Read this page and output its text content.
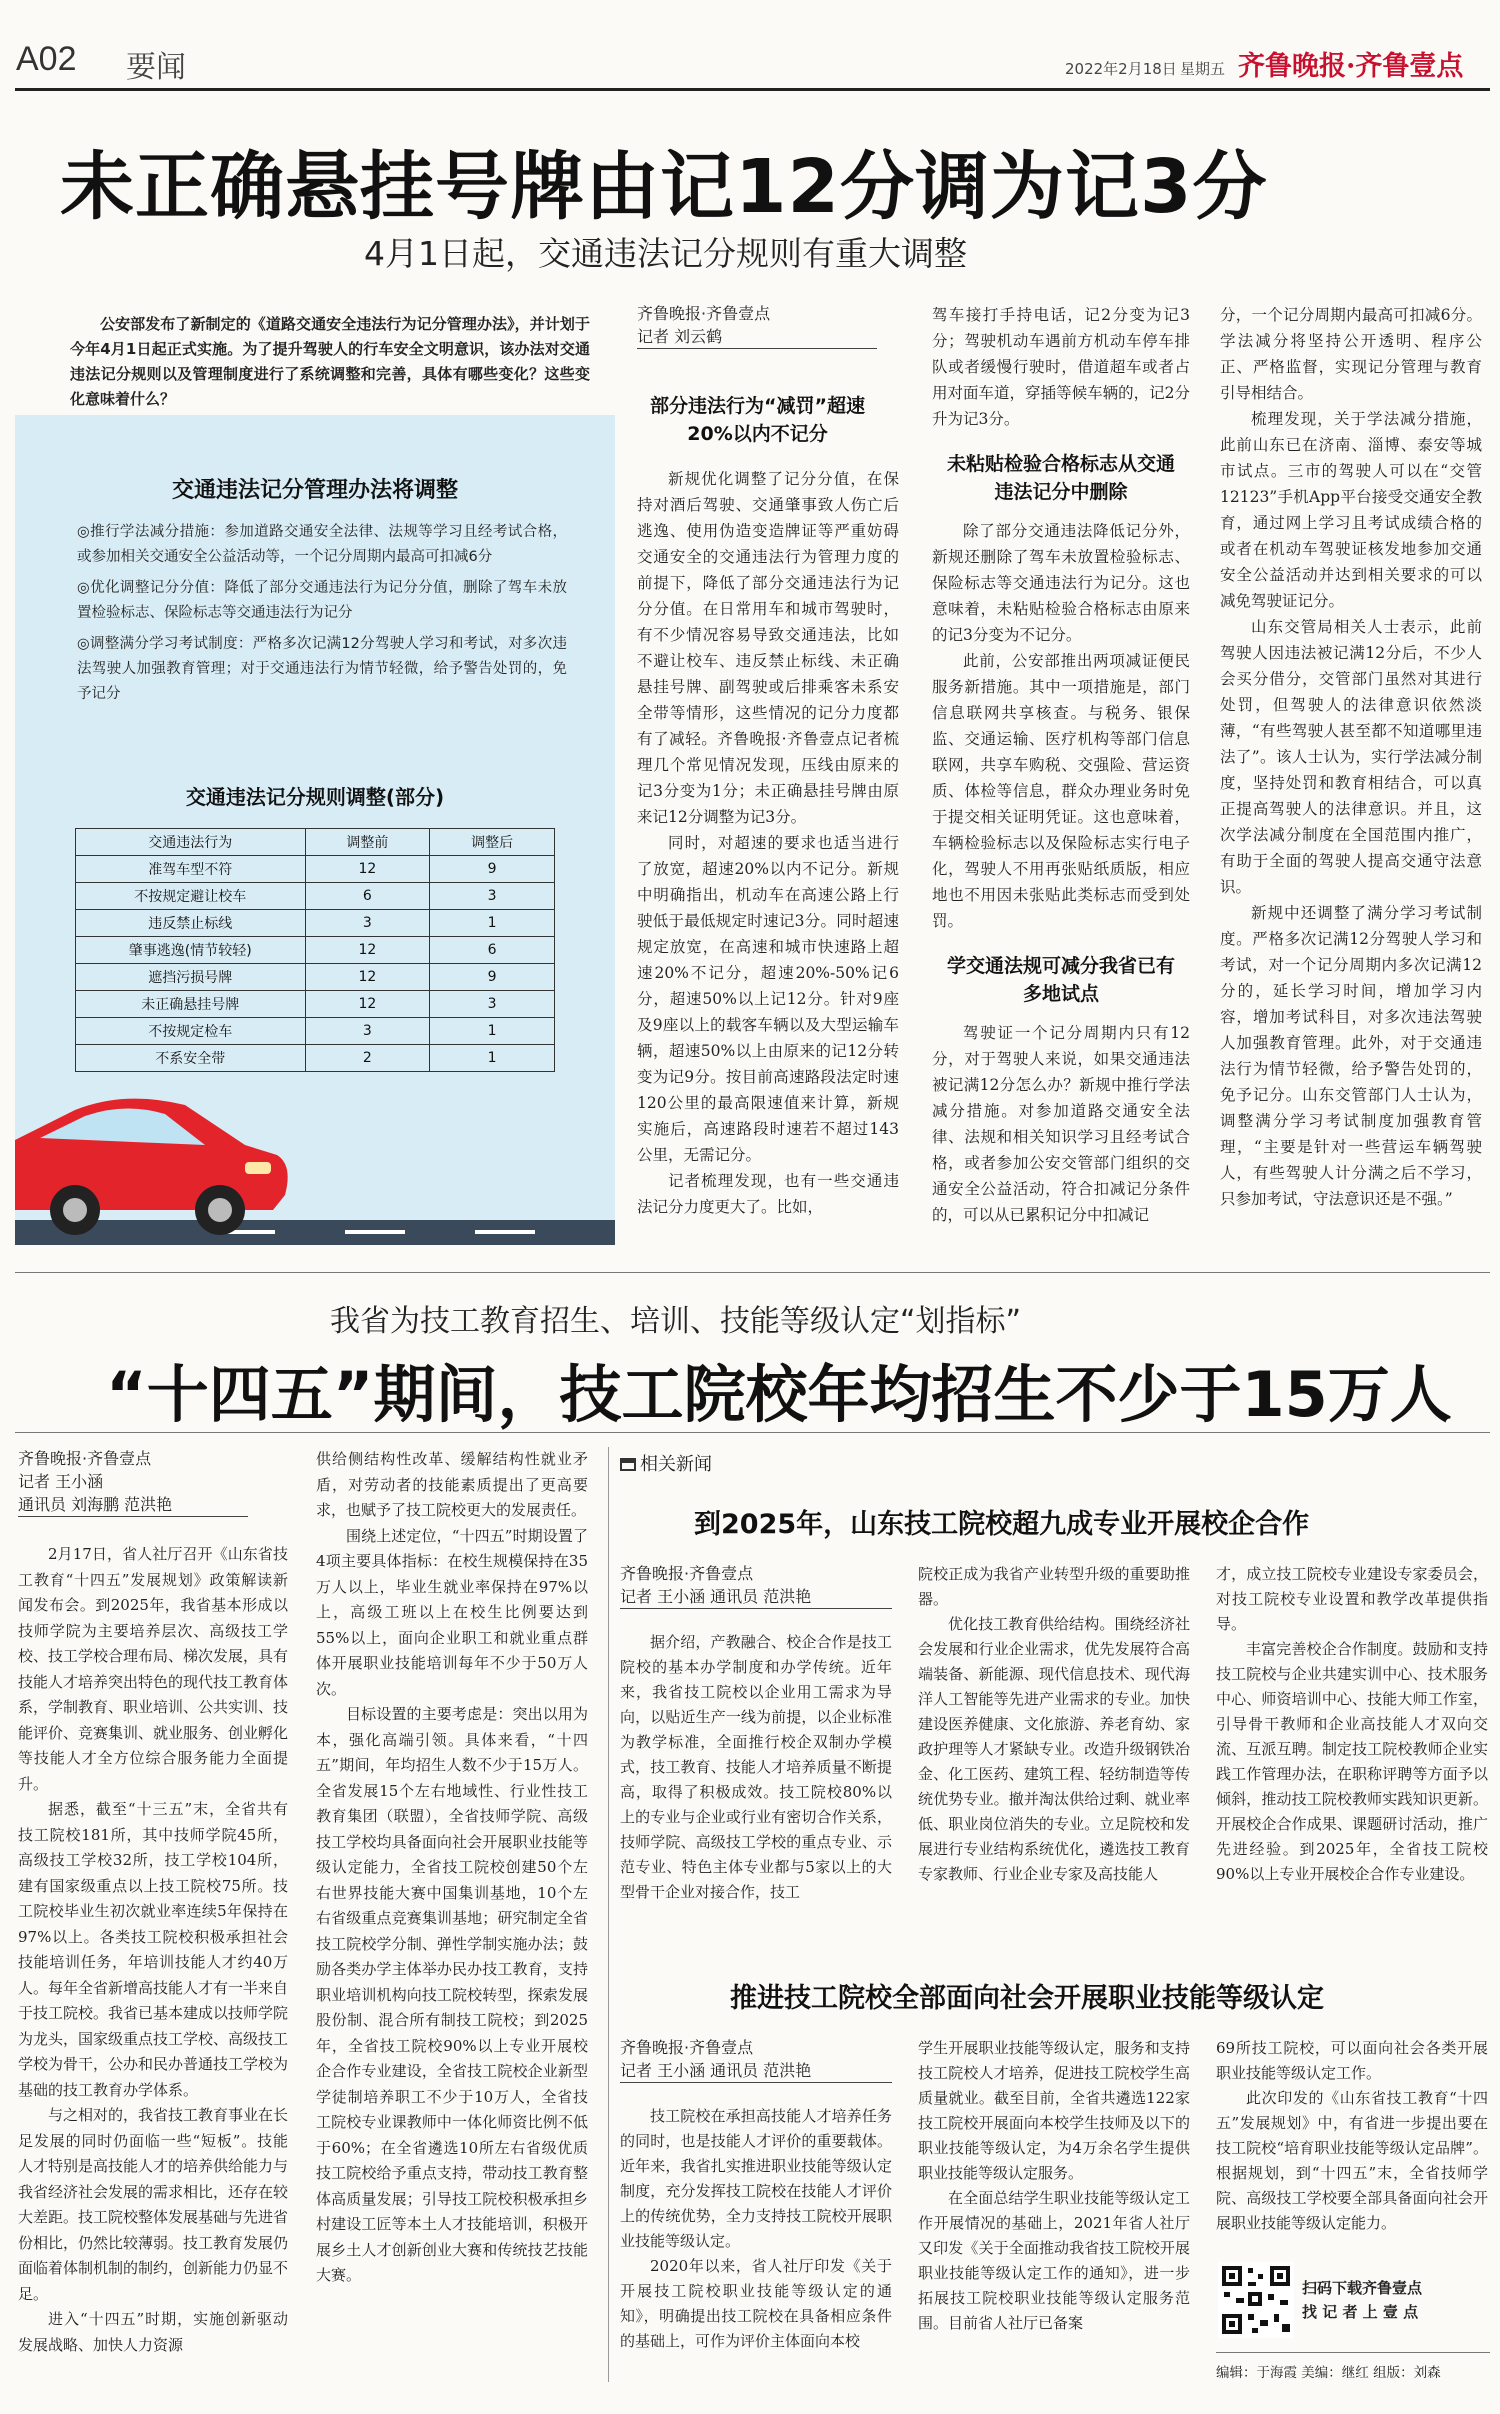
A02 要闻	2022年2月18日 星期五 齐鲁晚报·齐鲁壹点
未正确悬挂号牌由记12分调为记3分
4月1日起，交通违法记分规则有重大调整

公安部发布了新制定的《道路交通安全违法行为记分管理办法》，并计划于今年4月1日起正式实施。为了提升驾驶人的行车安全文明意识，该办法对交通违法记分规则以及管理制度进行了系统调整和完善，具体有哪些变化？这些变化意味着什么？

交通违法记分管理办法将调整
◎推行学法减分措施：参加道路交通安全法律、法规等学习且经考试合格，或参加相关交通安全公益活动等，一个记分周期内最高可扣减6分
◎优化调整记分分值：降低了部分交通违法行为记分分值，删除了驾车未放置检验标志、保险标志等交通违法行为记分
◎调整满分学习考试制度：严格多次记满12分驾驶人学习和考试，对多次违法驾驶人加强教育管理；对于交通违法行为情节轻微，给予警告处罚的，免予记分
交通违法记分规则调整(部分)
交通违法行为	调整前	调整后
准驾车型不符	12	9
不按规定避让校车	6	3
违反禁止标线	3	1
肇事逃逸(情节较轻)	12	6
遮挡污损号牌	12	9
未正确悬挂号牌	12	3
不按规定检车	3	1
不系安全带	2	1
齐鲁晚报·齐鲁壹点
记者 刘云鹤
部分违法行为“减罚”超速20%以内不记分

新规优化调整了记分分值，在保持对酒后驾驶、交通肇事致人伤亡后逃逸、使用伪造变造牌证等严重妨碍交通安全的交通违法行为管理力度的前提下，降低了部分交通违法行为记分分值。在日常用车和城市驾驶时，有不少情况容易导致交通违法，比如不避让校车、违反禁止标线、未正确悬挂号牌、副驾驶或后排乘客未系安全带等情形，这些情况的记分力度都有了减轻。齐鲁晚报·齐鲁壹点记者梳理几个常见情况发现，压线由原来的记3分变为1分；未正确悬挂号牌由原来记12分调整为记3分。

同时，对超速的要求也适当进行了放宽，超速20%以内不记分。新规中明确指出，机动车在高速公路上行驶低于最低规定时速记3分。同时超速规定放宽，在高速和城市快速路上超速20%不记分，超速20%-50%记6分，超速50%以上记12分。针对9座及9座以上的载客车辆以及大型运输车辆，超速50%以上由原来的记12分转变为记9分。按目前高速路段法定时速120公里的最高限速值来计算，新规实施后，高速路段时速若不超过143公里，无需记分。

记者梳理发现，也有一些交通违法记分力度更大了。比如，

驾车接打手持电话，记2分变为记3分；驾驶机动车遇前方机动车停车排队或者缓慢行驶时，借道超车或者占用对面车道，穿插等候车辆的，记2分升为记3分。
未粘贴检验合格标志从交通违法记分中删除

除了部分交通违法降低记分外，新规还删除了驾车未放置检验标志、保险标志等交通违法行为记分。这也意味着，未粘贴检验合格标志由原来的记3分变为不记分。

此前，公安部推出两项减证便民服务新措施。其中一项措施是，部门信息联网共享核查。与税务、银保监、交通运输、医疗机构等部门信息联网，共享车购税、交强险、营运资质、体检等信息，群众办理业务时免于提交相关证明凭证。这也意味着，车辆检验标志以及保险标志实行电子化，驾驶人不用再张贴纸质版，相应地也不用因未张贴此类标志而受到处罚。

学交通法规可减分我省已有多地试点

驾驶证一个记分周期内只有12分，对于驾驶人来说，如果交通违法被记满12分怎么办？新规中推行学法减分措施。对参加道路交通安全法律、法规和相关知识学习且经考试合格，或者参加公安交管部门组织的交通安全公益活动，符合扣减记分条件的，可以从已累积记分中扣减记

分，一个记分周期内最高可扣减6分。学法减分将坚持公开透明、程序公正、严格监督，实现记分管理与教育引导相结合。

梳理发现，关于学法减分措施，此前山东已在济南、淄博、泰安等城市试点。三市的驾驶人可以在“交管12123”手机App平台接受交通安全教育，通过网上学习且考试成绩合格的或者在机动车驾驶证核发地参加交通安全公益活动并达到相关要求的可以减免驾驶证记分。

山东交管局相关人士表示，此前驾驶人因违法被记满12分后，不少人会买分借分，交管部门虽然对其进行处罚，但驾驶人的法律意识依然淡薄，“有些驾驶人甚至都不知道哪里违法了”。该人士认为，实行学法减分制度，坚持处罚和教育相结合，可以真正提高驾驶人的法律意识。并且，这次学法减分制度在全国范围内推广，有助于全面的驾驶人提高交通守法意识。

新规中还调整了满分学习考试制度。严格多次记满12分驾驶人学习和考试，对一个记分周期内多次记满12分的，延长学习时间，增加学习内容，增加考试科目，对多次违法驾驶人加强教育管理。此外，对于交通违法行为情节轻微，给予警告处罚的，免予记分。山东交管部门人士认为，调整满分学习考试制度加强教育管理，“主要是针对一些营运车辆驾驶人，有些驾驶人计分满之后不学习，只参加考试，守法意识还是不强。”

我省为技工教育招生、培训、技能等级认定“划指标”
“十四五”期间，技工院校年均招生不少于15万人
齐鲁晚报·齐鲁壹点
记者 王小涵
通讯员 刘海鹏 范洪艳

2月17日，省人社厅召开《山东省技工教育“十四五”发展规划》政策解读新闻发布会。到2025年，我省基本形成以技师学院为主要培养层次、高级技工学校、技工学校合理布局、梯次发展，具有技能人才培养突出特色的现代技工教育体系，学制教育、职业培训、公共实训、技能评价、竞赛集训、就业服务、创业孵化等技能人才全方位综合服务能力全面提升。

据悉，截至“十三五”末，全省共有技工院校181所，其中技师学院45所，高级技工学校32所，技工学校104所，建有国家级重点以上技工院校75所。技工院校毕业生初次就业率连续5年保持在97%以上。各类技工院校积极承担社会技能培训任务，年培训技能人才约40万人。每年全省新增高技能人才有一半来自于技工院校。我省已基本建成以技师学院为龙头，国家级重点技工学校、高级技工学校为骨干，公办和民办普通技工学校为基础的技工教育办学体系。

与之相对的，我省技工教育事业在长足发展的同时仍面临一些“短板”。技能人才特别是高技能人才的培养供给能力与我省经济社会发展的需求相比，还存在较大差距。技工院校整体发展基础与先进省份相比，仍然比较薄弱。技工教育发展仍面临着体制机制的制约，创新能力仍显不足。

进入“十四五”时期，实施创新驱动发展战略、加快人力资源

供给侧结构性改革、缓解结构性就业矛盾，对劳动者的技能素质提出了更高要求，也赋予了技工院校更大的发展责任。

围绕上述定位，“十四五”时期设置了4项主要具体指标：在校生规模保持在35万人以上，毕业生就业率保持在97%以上，高级工班以上在校生比例要达到55%以上，面向企业职工和就业重点群体开展职业技能培训每年不少于50万人次。

目标设置的主要考虑是：突出以用为本，强化高端引领。具体来看，“十四五”期间，年均招生人数不少于15万人。全省发展15个左右地域性、行业性技工教育集团（联盟），全省技师学院、高级技工学校均具备面向社会开展职业技能等级认定能力，全省技工院校创建50个左右世界技能大赛中国集训基地，10个左右省级重点竞赛集训基地；研究制定全省技工院校学分制、弹性学制实施办法；鼓励各类办学主体举办民办技工教育，支持职业培训机构向技工院校转型，探索发展股份制、混合所有制技工院校；到2025年，全省技工院校90%以上专业开展校企合作专业建设，全省技工院校企业新型学徒制培养职工不少于10万人，全省技工院校专业课教师中一体化师资比例不低于60%；在全省遴选10所左右省级优质技工院校给予重点支持，带动技工教育整体高质量发展；引导技工院校积极承担乡村建设工匠等本土人才技能培训，积极开展乡土人才创新创业大赛和传统技艺技能大赛。

相关新闻
到2025年，山东技工院校超九成专业开展校企合作
齐鲁晚报·齐鲁壹点
记者 王小涵 通讯员 范洪艳

据介绍，产教融合、校企合作是技工院校的基本办学制度和办学传统。近年来，我省技工院校以企业用工需求为导向，以贴近生产一线为前提，以企业标准为教学标准，全面推行校企双制办学模式，技工教育、技能人才培养质量不断提高，取得了积极成效。技工院校80%以上的专业与企业或行业有密切合作关系，技师学院、高级技工学校的重点专业、示范专业、特色主体专业都与5家以上的大型骨干企业对接合作，技工

院校正成为我省产业转型升级的重要助推器。

优化技工教育供给结构。围绕经济社会发展和行业企业需求，优先发展符合高端装备、新能源、现代信息技术、现代海洋人工智能等先进产业需求的专业。加快建设医养健康、文化旅游、养老育幼、家政护理等人才紧缺专业。改造升级钢铁冶金、化工医药、建筑工程、轻纺制造等传统优势专业。撤并淘汰供给过剩、就业率低、职业岗位消失的专业。立足院校和发展进行专业结构系统优化，遴选技工教育专家教师、行业企业专家及高技能人

才，成立技工院校专业建设专家委员会，对技工院校专业设置和教学改革提供指导。

丰富完善校企合作制度。鼓励和支持技工院校与企业共建实训中心、技术服务中心、师资培训中心、技能大师工作室，引导骨干教师和企业高技能人才双向交流、互派互聘。制定技工院校教师企业实践工作管理办法，在职称评聘等方面予以倾斜，推动技工院校教师实践知识更新。开展校企合作成果、课题研讨活动，推广先进经验。到2025年，全省技工院校90%以上专业开展校企合作专业建设。

推进技工院校全部面向社会开展职业技能等级认定
齐鲁晚报·齐鲁壹点
记者 王小涵 通讯员 范洪艳

技工院校在承担高技能人才培养任务的同时，也是技能人才评价的重要载体。近年来，我省扎实推进职业技能等级认定制度，充分发挥技工院校在技能人才评价上的传统优势，全力支持技工院校开展职业技能等级认定。

2020年以来，省人社厅印发《关于开展技工院校职业技能等级认定的通知》，明确提出技工院校在具备相应条件的基础上，可作为评价主体面向本校

学生开展职业技能等级认定，服务和支持技工院校人才培养，促进技工院校学生高质量就业。截至目前，全省共遴选122家技工院校开展面向本校学生技师及以下的职业技能等级认定，为4万余名学生提供职业技能等级认定服务。

在全面总结学生职业技能等级认定工作开展情况的基础上，2021年省人社厅又印发《关于全面推动我省技工院校开展职业技能等级认定工作的通知》，进一步拓展技工院校职业技能等级认定服务范围。目前省人社厅已备案

69所技工院校，可以面向社会各类开展职业技能等级认定工作。

此次印发的《山东省技工教育“十四五”发展规划》中，有省进一步提出要在技工院校“培育职业技能等级认定品牌”。根据规划，到“十四五”末，全省技师学院、高级技工学校要全部具备面向社会开展职业技能等级认定能力。

扫码下载齐鲁壹点
找 记 者 上 壹 点
编辑：于海霞 美编：继红 组版：刘森
